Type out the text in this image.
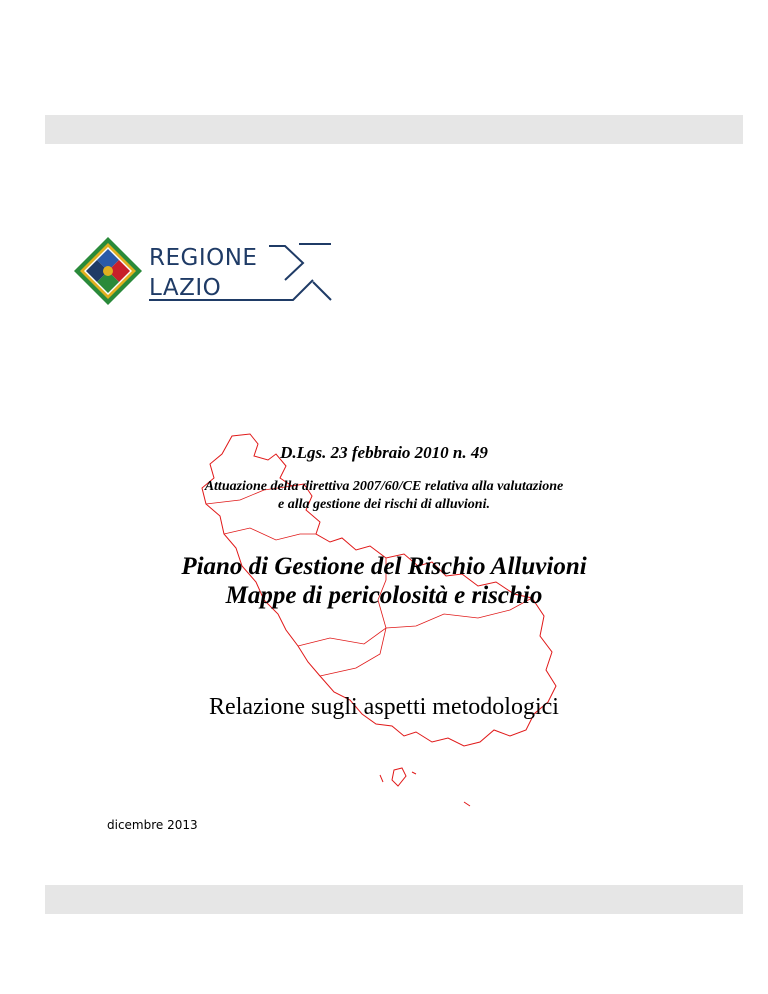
REGIONE
LAZIO
D.Lgs. 23 febbraio 2010 n. 49
Attuazione della direttiva 2007/60/CE relativa alla valutazione
e alla gestione dei rischi di alluvioni.
Piano di Gestione del Rischio Alluvioni
Mappe di pericolosità e rischio
Relazione sugli aspetti metodologici
dicembre 2013
